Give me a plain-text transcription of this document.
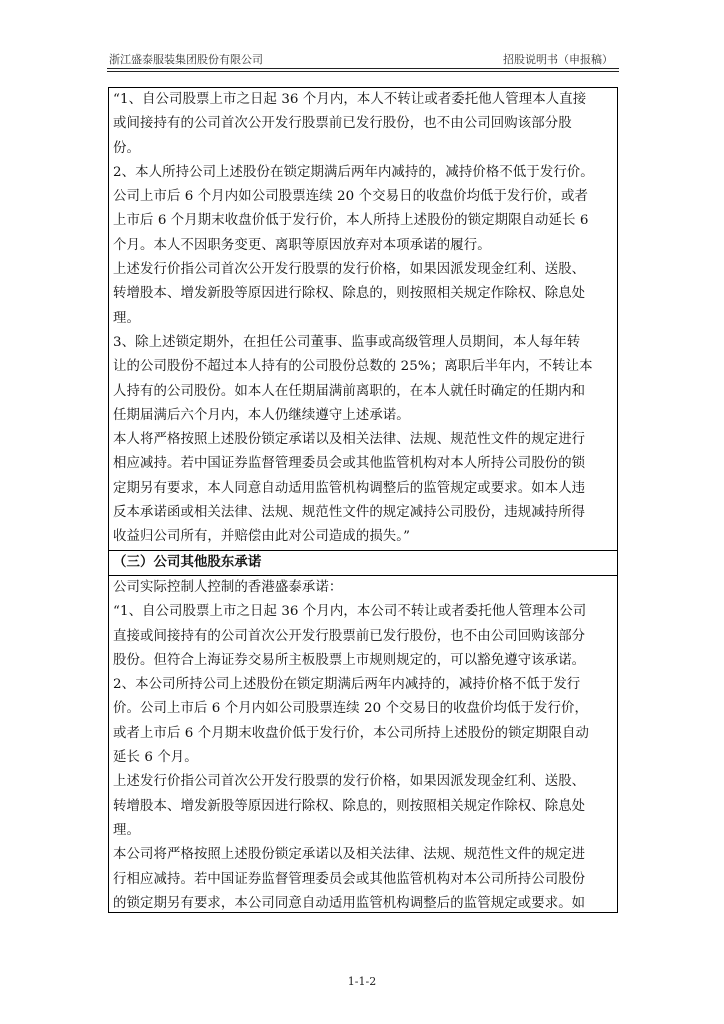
浙江盛泰服装集团股份有限公司	招股说明书（申报稿）
“1、自公司股票上市之日起 36 个月内，本人不转让或者委托他人管理本人直接
或间接持有的公司首次公开发行股票前已发行股份，也不由公司回购该部分股
份。
2、本人所持公司上述股份在锁定期满后两年内减持的，减持价格不低于发行价。
公司上市后 6 个月内如公司股票连续 20 个交易日的收盘价均低于发行价，或者
上市后 6 个月期末收盘价低于发行价，本人所持上述股份的锁定期限自动延长 6
个月。本人不因职务变更、离职等原因放弃对本项承诺的履行。
上述发行价指公司首次公开发行股票的发行价格，如果因派发现金红利、送股、
转增股本、增发新股等原因进行除权、除息的，则按照相关规定作除权、除息处
理。
3、除上述锁定期外，在担任公司董事、监事或高级管理人员期间，本人每年转
让的公司股份不超过本人持有的公司股份总数的 25%；离职后半年内，不转让本
人持有的公司股份。如本人在任期届满前离职的，在本人就任时确定的任期内和
任期届满后六个月内，本人仍继续遵守上述承诺。
本人将严格按照上述股份锁定承诺以及相关法律、法规、规范性文件的规定进行
相应减持。若中国证券监督管理委员会或其他监管机构对本人所持公司股份的锁
定期另有要求，本人同意自动适用监管机构调整后的监管规定或要求。如本人违
反本承诺函或相关法律、法规、规范性文件的规定减持公司股份，违规减持所得
收益归公司所有，并赔偿由此对公司造成的损失。”
（三）公司其他股东承诺
公司实际控制人控制的香港盛泰承诺：
“1、自公司股票上市之日起 36 个月内，本公司不转让或者委托他人管理本公司
直接或间接持有的公司首次公开发行股票前已发行股份，也不由公司回购该部分
股份。但符合上海证券交易所主板股票上市规则规定的，可以豁免遵守该承诺。
2、本公司所持公司上述股份在锁定期满后两年内减持的，减持价格不低于发行
价。公司上市后 6 个月内如公司股票连续 20 个交易日的收盘价均低于发行价，
或者上市后 6 个月期末收盘价低于发行价，本公司所持上述股份的锁定期限自动
延长 6 个月。
上述发行价指公司首次公开发行股票的发行价格，如果因派发现金红利、送股、
转增股本、增发新股等原因进行除权、除息的，则按照相关规定作除权、除息处
理。
本公司将严格按照上述股份锁定承诺以及相关法律、法规、规范性文件的规定进
行相应减持。若中国证券监督管理委员会或其他监管机构对本公司所持公司股份
的锁定期另有要求，本公司同意自动适用监管机构调整后的监管规定或要求。如
1-1-2
